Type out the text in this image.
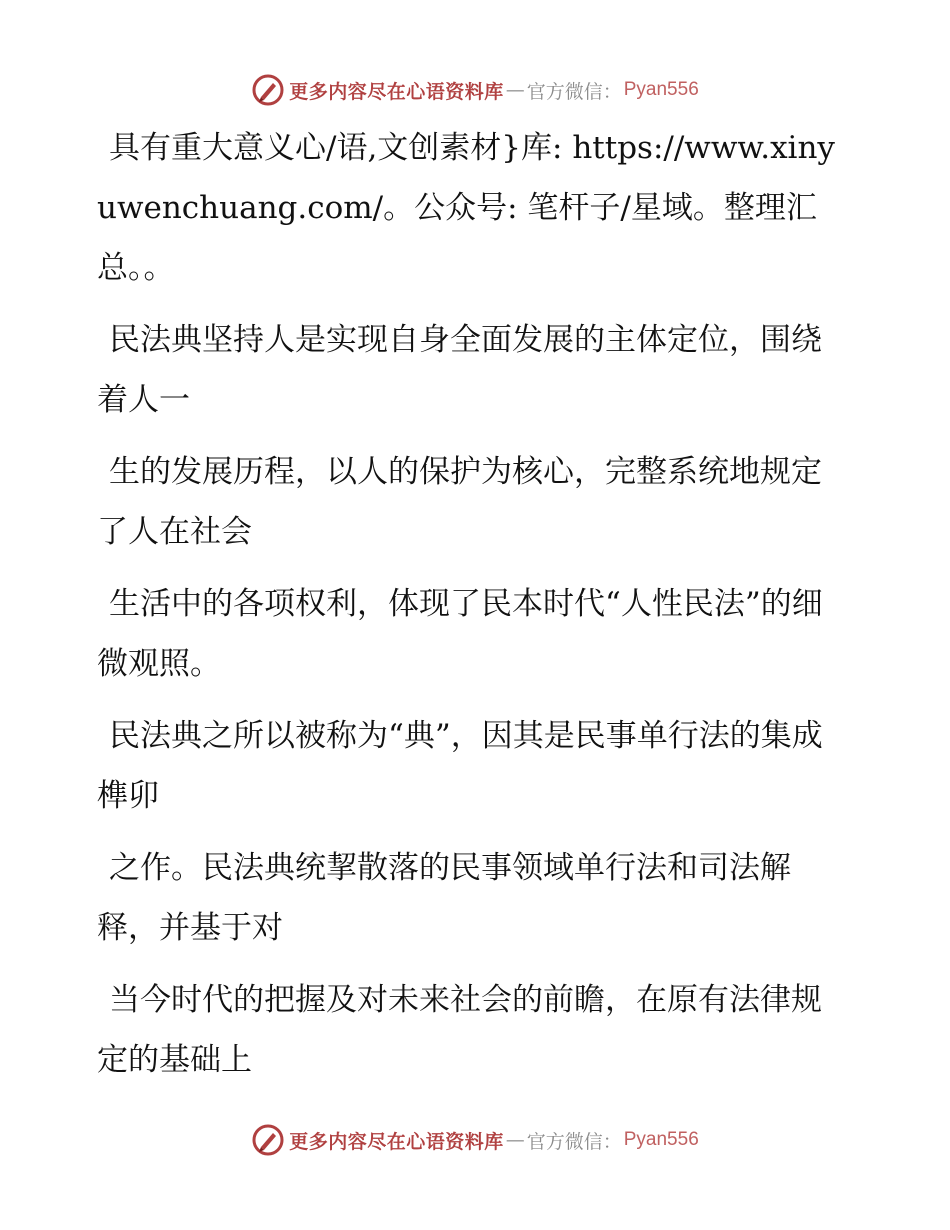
更多内容尽在心语资料库 — 官方微信： Pyan556

具有重大意义心/语,文创素材}库: https://www.xinyuwenchuang.com/。公众号: 笔杆子/星域。整理汇总。。

民法典坚持人是实现自身全面发展的主体定位，围绕着人一

生的发展历程，以人的保护为核心，完整系统地规定了人在社会

生活中的各项权利，体现了民本时代“人性民法”的细微观照。

民法典之所以被称为“典”，因其是民事单行法的集成榫卯

之作。民法典统挈散落的民事领域单行法和司法解释，并基于对

当今时代的把握及对未来社会的前瞻，在原有法律规定的基础上

更多内容尽在心语资料库 — 官方微信： Pyan556
